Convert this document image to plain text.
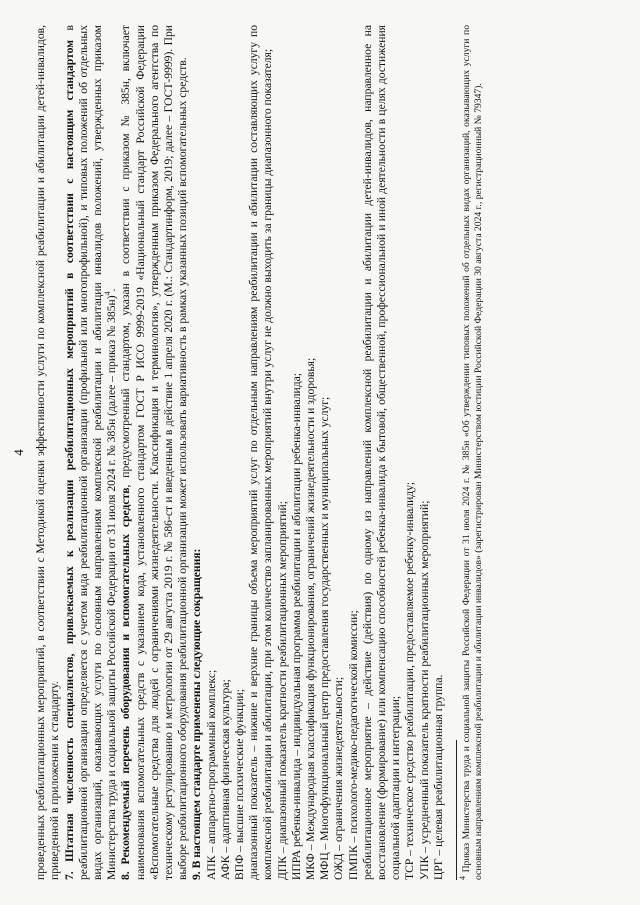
4 проведенных реабилитационных мероприятий, в соответствии с Методикой оценки эффективности услуги по комплексной реабилитации и абилитации детей-инвалидов, приведенной в приложении к стандарту. 7. Штатная численность специалистов, привлекаемых к реализации реабилитационных мероприятий в соответствии с настоящим стандартом в реабилитационной организации определяется с учетом вида реабилитационной организации (профильной или многопрофильной), и типовых положений об отдельных видах организаций, оказывающих услуги по основным направлениям комплексной реабилитации и абилитации инвалидов положений, утвержденных приказом Министерства труда и социальной защиты Российской Федерации от 31 июля 2024 г. № 385н (далее – приказ № 385н)$^4$.

8. Рекомендуемый перечень оборудования и вспомогательных средств, предусмотренный стандартом, указан в соответствии с приказом № 385н, включает наименования вспомогательных средств с указанием кода, установленного стандартом ГОСТ Р ИСО 9999-2019 «Национальный стандарт Российской Федерации «Вспомогательные средства для людей с ограничениями жизнедеятельности. Классификация и терминология», утвержденным приказом Федерального агентства по техническому регулированию и метрологии от 29 августа 2019 г. № 586-ст и введенным в действие 1 апреля 2020 г. (М.: Стандартинформ, 2019; далее – ГОСТ-9999). При выборе реабилитационного оборудования реабилитационной организации может использовать вариативность в рамках указанных позиций вспомогательных средств. 9. В настоящем стандарте применены следующие сокращения: АПК – аппаратно-программный комплекс; АФК – адаптивная физическая культура; ВПФ – высшие психические функции; диапазонный показатель – нижние и верхние границы объема мероприятий услуг по отдельным направлениям реабилитации и абилитации составляющих услугу по комплексной реабилитации и абилитации, при этом количество запланированных мероприятий внутри услуг не должно выходить за границы диапазонного показателя; ДПК – диапазонный показатель кратности реабилитационных мероприятий; ИПРА ребенка-инвалида – индивидуальная программа реабилитации и абилитации ребенка-инвалида; МКФ – Международная классификация функционирования, ограничений жизнедеятельности и здоровья; МФЦ – Многофункциональный центр предоставления государственных и муниципальных услуг; ОЖД – ограничения жизнедеятельности; ПМПК – психолого-медико-педагогической комиссии; реабилитационное мероприятие – действие (действия) по одному из направлений комплексной реабилитации и абилитации детей-инвалидов, направленное на восстановление (формирование) или компенсацию способностей ребенка-инвалида к бытовой, общественной, профессиональной и иной деятельности в целях достижения социальной адаптации и интеграции; ТСР – техническое средство реабилитации, предоставляемое ребенку-инвалиду; УПК – усредненный показатель кратности реабилитационных мероприятий; ЦРГ – целевая реабилитационная группа. $^4$ Приказ Министерства труда и социальной защиты Российской Федерации от 31 июля 2024 г. № 385н «Об утверждении типовых положений об отдельных видах организаций, оказывающих услуги по основным направлениям комплексной реабилитации и абилитации инвалидов» (зарегистрирован Министерством юстиции Российской Федерации 30 августа 2024 г., регистрационный № 79347).
